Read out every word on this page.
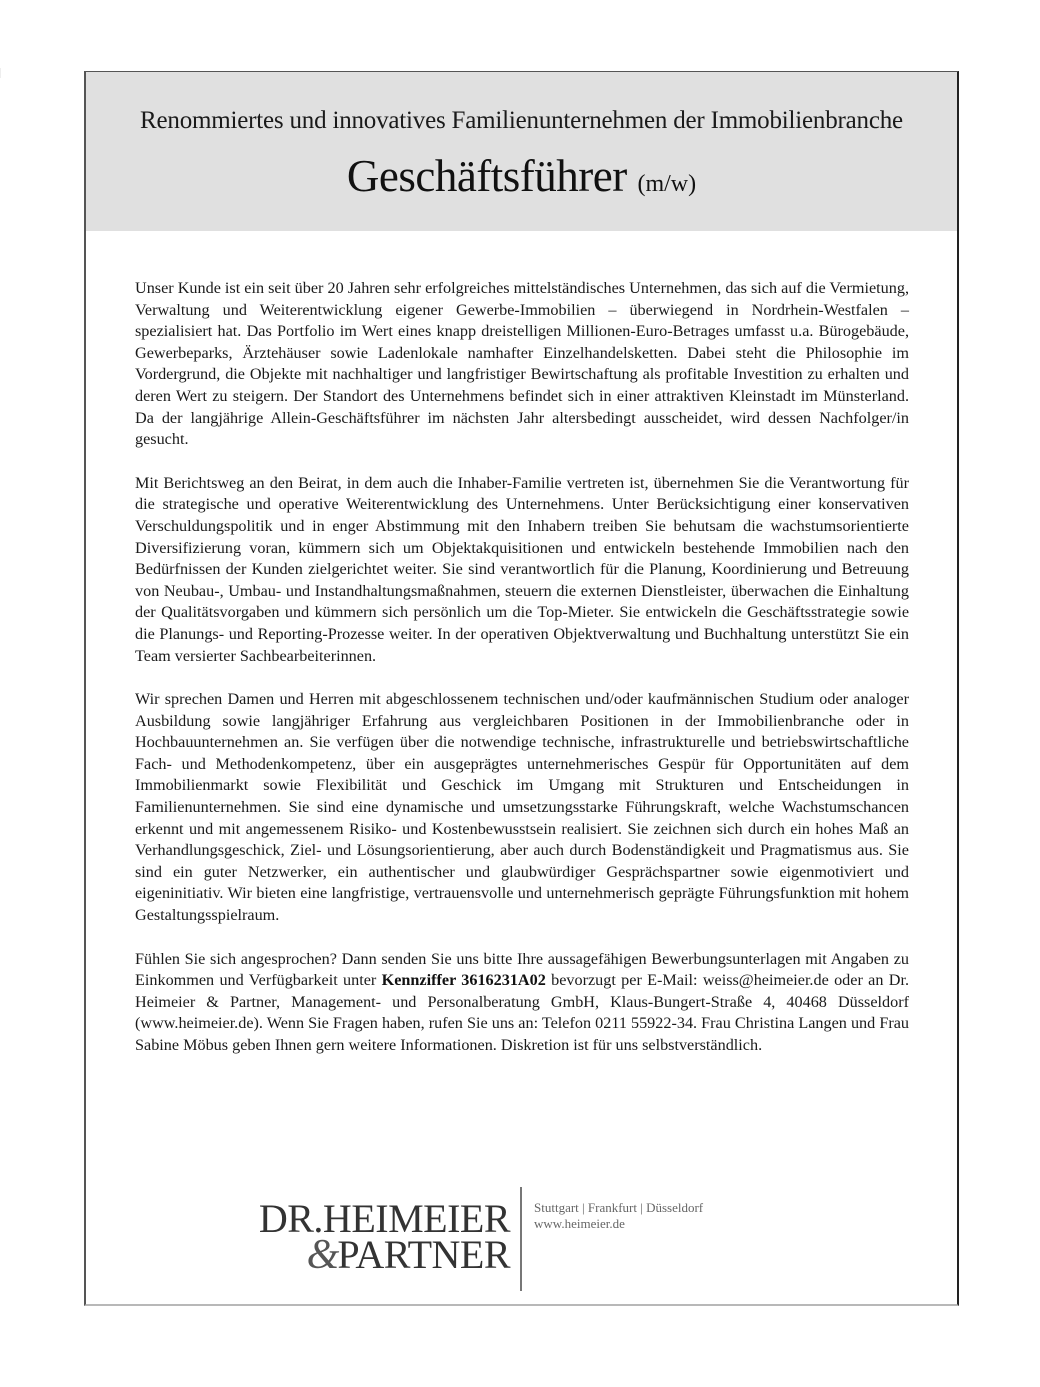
Renommiertes und innovatives Familienunternehmen der Immobilienbranche
Geschäftsführer (m/w)

Unser Kunde ist ein seit über 20 Jahren sehr erfolgreiches mittelständisches Unternehmen, das sich auf die Vermietung, Verwaltung und Weiterentwicklung eigener Gewerbe-Immobilien – überwiegend in Nordrhein-Westfalen – spezialisiert hat. Das Portfolio im Wert eines knapp dreistelligen Millionen-Euro-Betrages umfasst u.a. Bürogebäude, Gewerbeparks, Ärztehäuser sowie Ladenlokale namhafter Einzelhandelsketten. Dabei steht die Philosophie im Vordergrund, die Objekte mit nachhaltiger und langfristiger Bewirtschaftung als profitable Investition zu erhalten und deren Wert zu steigern. Der Standort des Unternehmens befindet sich in einer attraktiven Kleinstadt im Münsterland. Da der langjährige Allein-Geschäftsführer im nächsten Jahr altersbedingt ausscheidet, wird dessen Nachfolger/in gesucht.

Mit Berichtsweg an den Beirat, in dem auch die Inhaber-Familie vertreten ist, übernehmen Sie die Verantwortung für die strategische und operative Weiterentwicklung des Unternehmens. Unter Berücksichtigung einer konservativen Verschuldungspolitik und in enger Abstimmung mit den Inhabern treiben Sie behutsam die wachstumsorientierte Diversifizierung voran, kümmern sich um Objektakquisitionen und entwickeln bestehende Immobilien nach den Bedürfnissen der Kunden zielgerichtet weiter. Sie sind verantwortlich für die Planung, Koordinierung und Betreuung von Neubau-, Umbau- und Instandhaltungsmaßnahmen, steuern die externen Dienstleister, überwachen die Einhaltung der Qualitätsvorgaben und kümmern sich persönlich um die Top-Mieter. Sie entwickeln die Geschäftsstrategie sowie die Planungs- und Reporting-Prozesse weiter. In der operativen Objektverwaltung und Buchhaltung unterstützt Sie ein Team versierter Sachbearbeiterinnen.

Wir sprechen Damen und Herren mit abgeschlossenem technischen und/oder kaufmännischen Studium oder analoger Ausbildung sowie langjähriger Erfahrung aus vergleichbaren Positionen in der Immobilienbranche oder in Hochbauunternehmen an. Sie verfügen über die notwendige technische, infrastrukturelle und betriebswirtschaftliche Fach- und Methodenkompetenz, über ein ausgeprägtes unternehmerisches Gespür für Opportunitäten auf dem Immobilienmarkt sowie Flexibilität und Geschick im Umgang mit Strukturen und Entscheidungen in Familienunternehmen. Sie sind eine dynamische und umsetzungsstarke Führungskraft, welche Wachstumschancen erkennt und mit angemessenem Risiko- und Kostenbewusstsein realisiert. Sie zeichnen sich durch ein hohes Maß an Verhandlungsgeschick, Ziel- und Lösungsorientierung, aber auch durch Bodenständigkeit und Pragmatismus aus. Sie sind ein guter Netzwerker, ein authentischer und glaubwürdiger Gesprächspartner sowie eigenmotiviert und eigeninitiativ. Wir bieten eine langfristige, vertrauensvolle und unternehmerisch geprägte Führungsfunktion mit hohem Gestaltungsspielraum.

Fühlen Sie sich angesprochen? Dann senden Sie uns bitte Ihre aussagefähigen Bewerbungsunterlagen mit Angaben zu Einkommen und Verfügbarkeit unter Kennziffer 3616231A02 bevorzugt per E-Mail: weiss@heimeier.de oder an Dr. Heimeier & Partner, Management- und Personalberatung GmbH, Klaus-Bungert-Straße 4, 40468 Düsseldorf (www.heimeier.de). Wenn Sie Fragen haben, rufen Sie uns an: Telefon 0211 55922-34. Frau Christina Langen und Frau Sabine Möbus geben Ihnen gern weitere Informationen. Diskretion ist für uns selbstverständlich.

DR.HEIMEIER
&PARTNER
Stuttgart | Frankfurt | Düsseldorf
www.heimeier.de
